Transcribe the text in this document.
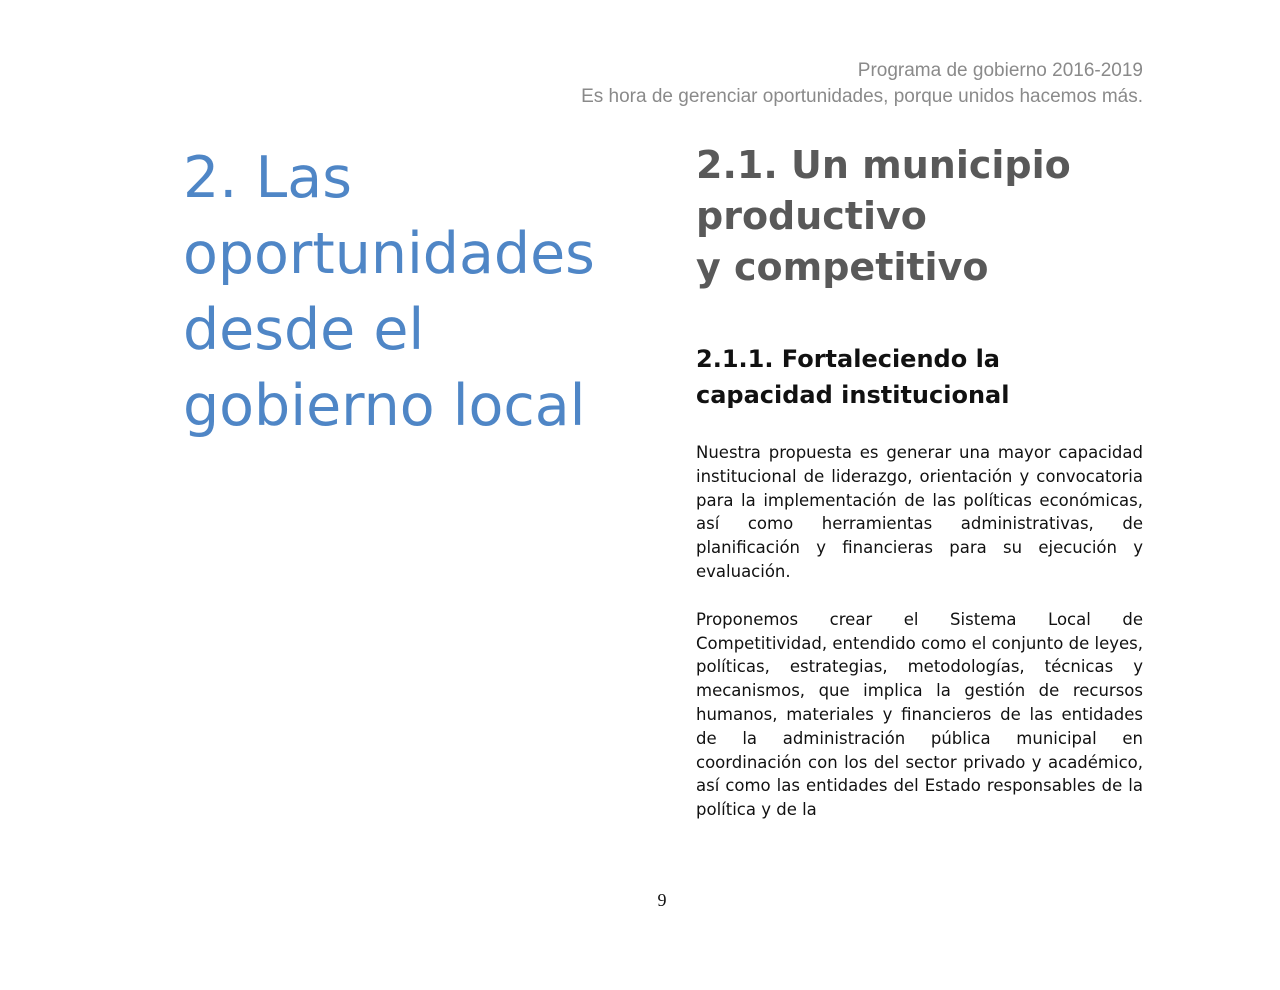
Programa de gobierno 2016-2019
Es hora de gerenciar oportunidades, porque unidos hacemos más.
2. Las
oportunidades
desde el
gobierno local
2.1. Un municipio
productivo
y competitivo
2.1.1. Fortaleciendo la
capacidad institucional

Nuestra propuesta es generar una mayor capacidad institucional de liderazgo, orientación y convocatoria para la implementación de las políticas económicas, así como herramientas administrativas, de planificación y financieras para su ejecución y evaluación.

Proponemos crear el Sistema Local de Competitividad, entendido como el conjunto de leyes, políticas, estrategias, metodologías, técnicas y mecanismos, que implica la gestión de recursos humanos, materiales y financieros de las entidades de la administración pública municipal en coordinación con los del sector privado y académico, así como las entidades del Estado responsables de la política y de la

9
